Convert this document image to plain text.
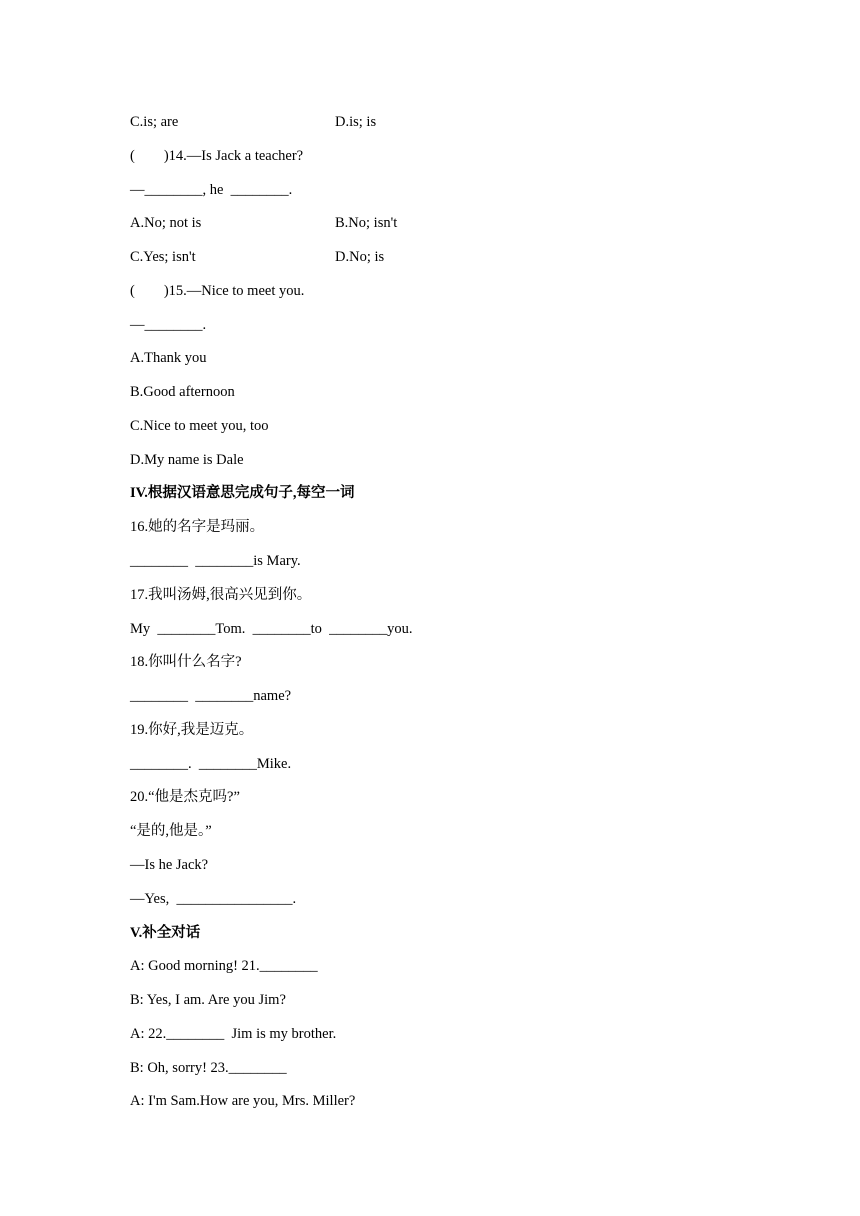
C.is; are	D.is; is
(　　)14.—Is Jack a teacher?
—________, he  ________.
A.No; not is	B.No; isn't
C.Yes; isn't	D.No; is
(　　)15.—Nice to meet you.
—________.
A.Thank you
B.Good afternoon
C.Nice to meet you, too
D.My name is Dale
IV.根据汉语意思完成句子,每空一词
16.她的名字是玛丽。
________  ________is Mary.
17.我叫汤姆,很高兴见到你。
My  ________Tom.  ________to  ________you.
18.你叫什么名字?
________  ________name?
19.你好,我是迈克。
________.  ________Mike.
20.“他是杰克吗?”
“是的,他是。”
—Is he Jack?
—Yes,  ________________.
V.补全对话
A: Good morning! 21.________
B: Yes, I am. Are you Jim?
A: 22.________  Jim is my brother.
B: Oh, sorry! 23.________
A: I'm Sam.How are you, Mrs. Miller?
